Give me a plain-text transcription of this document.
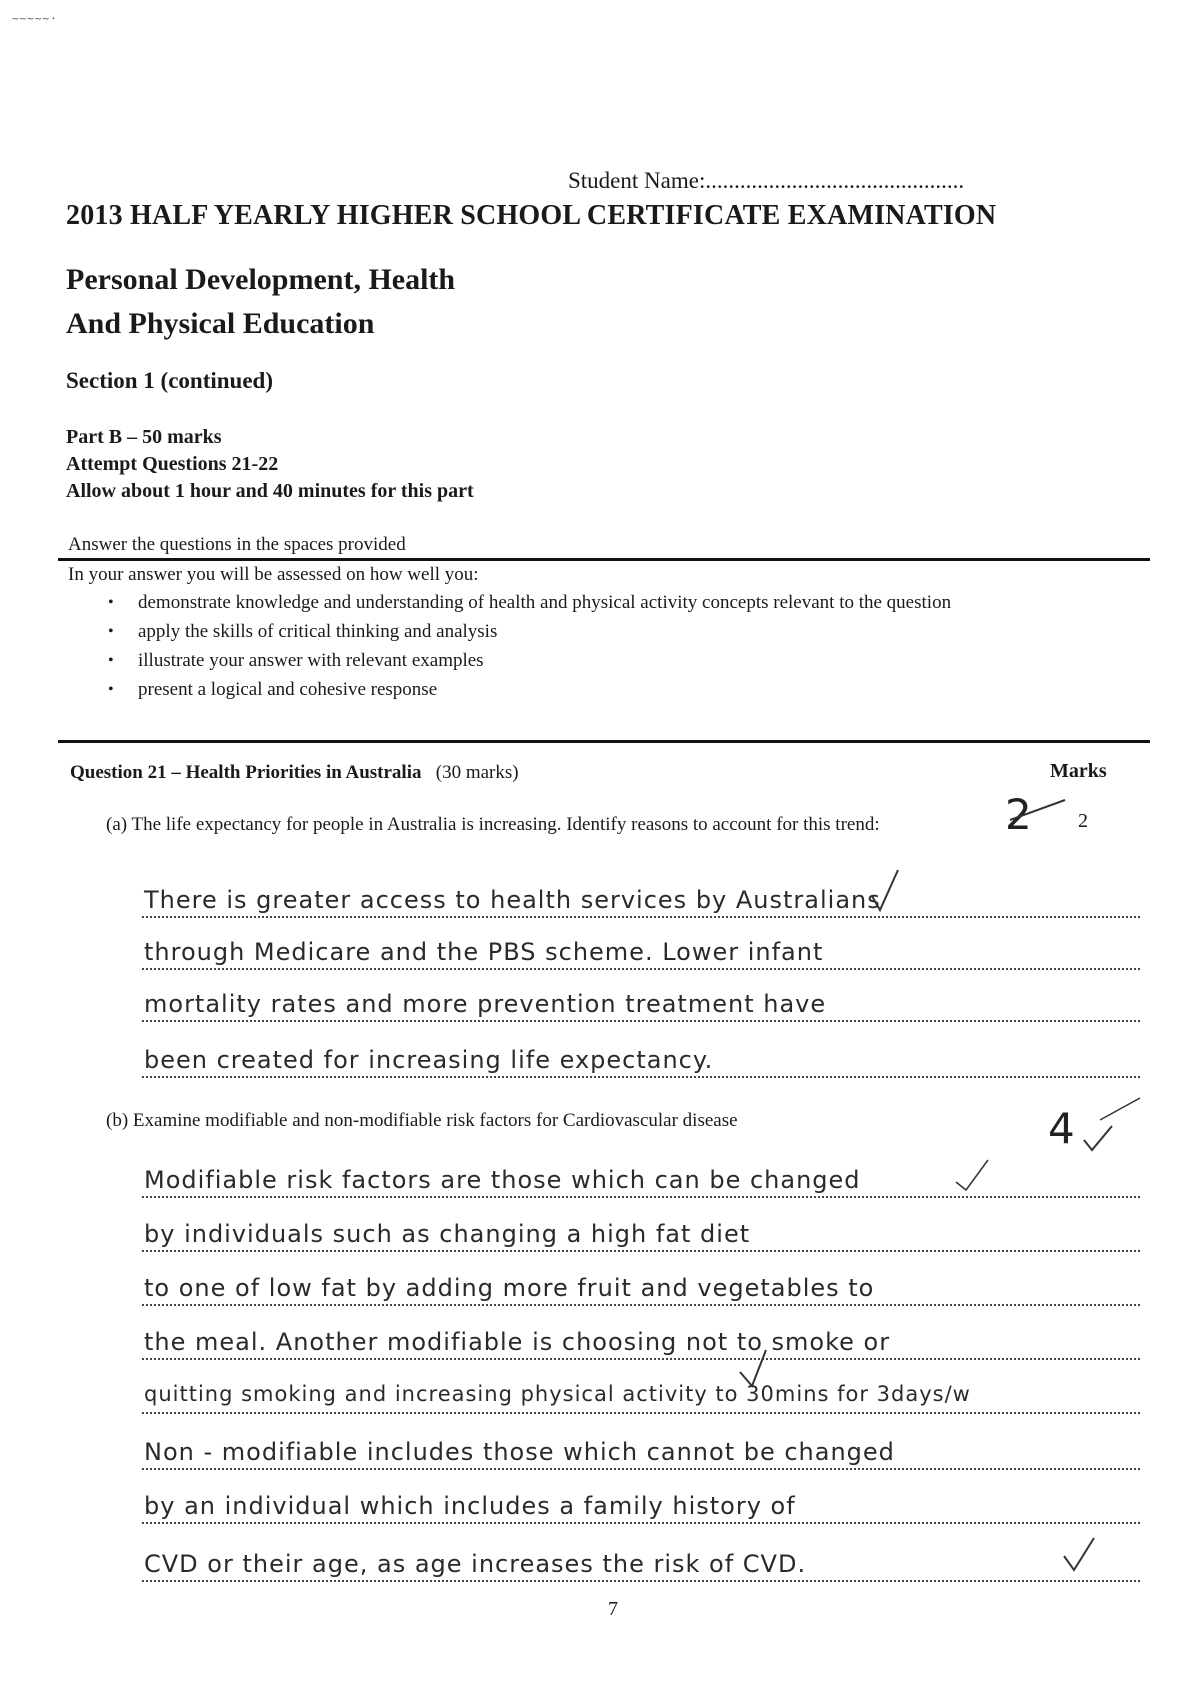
~~~~~·
Student Name:.............................................
2013 HALF YEARLY HIGHER SCHOOL CERTIFICATE EXAMINATION
Personal Development, Health
And Physical Education
Section 1 (continued)
Part B – 50 marks
Attempt Questions 21-22
Allow about 1 hour and 40 minutes for this part
Answer the questions in the spaces provided
In your answer you will be assessed on how well you:
• demonstrate knowledge and understanding of health and physical activity concepts relevant to the question
• apply the skills of critical thinking and analysis
• illustrate your answer with relevant examples
• present a logical and cohesive response
Question 21 – Health Priorities in Australia (30 marks)	Marks
(a) The life expectancy for people in Australia is increasing. Identify reasons to account for this trend:	2
2
There is greater access to health services by Australians
through Medicare and the PBS scheme. Lower infant
mortality rates and more prevention treatment have
been created for increasing life expectancy.
(b) Examine modifiable and non-modifiable risk factors for Cardiovascular disease	4
Modifiable risk factors are those which can be changed
by individuals such as changing a high fat diet
to one of low fat by adding more fruit and vegetables to
the meal. Another modifiable is choosing not to smoke or
quitting smoking and increasing physical activity to 30mins for 3days/w
Non - modifiable includes those which cannot be changed
by an individual which includes a family history of
CVD or their age, as age increases the risk of CVD.
7
